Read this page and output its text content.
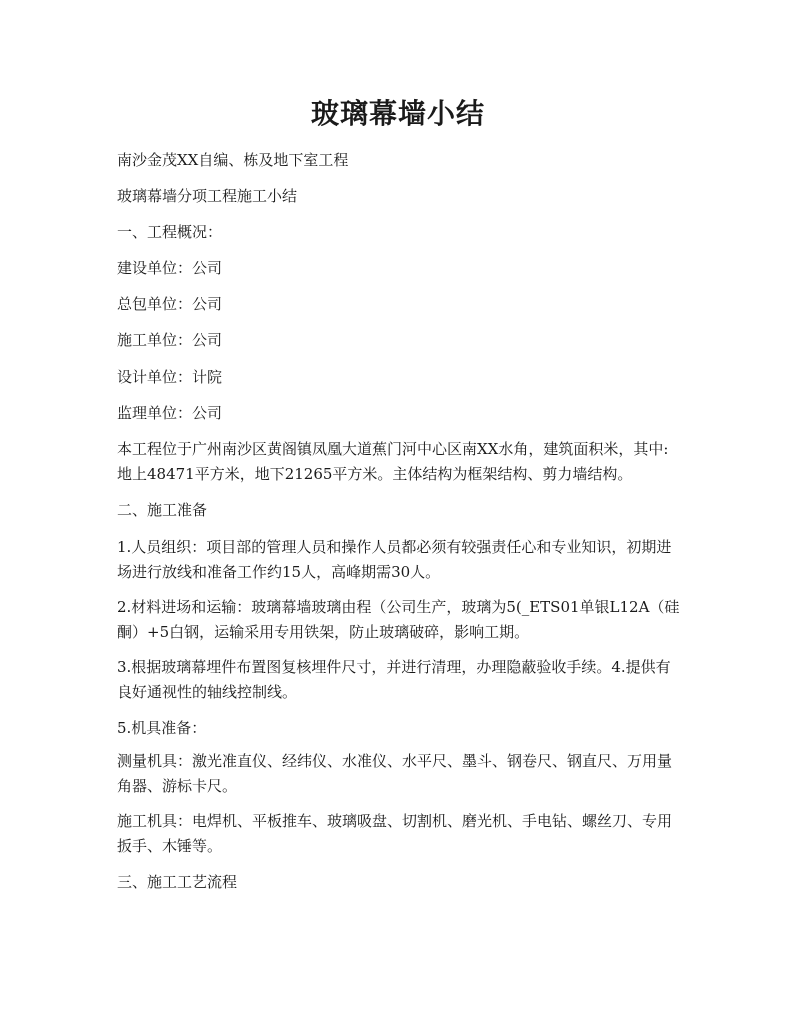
玻璃幕墙小结

南沙金茂XX自编、栋及地下室工程

玻璃幕墙分项工程施工小结

一、工程概况：

建设单位：公司

总包单位：公司

施工单位：公司

设计单位：计院

监理单位：公司

本工程位于广州南沙区黄阁镇凤凰大道蕉门河中心区南XX水角，建筑面积米，其中:地上48471平方米，地下21265平方米。主体结构为框架结构、剪力墙结构。

二、施工准备

1.人员组织：项目部的管理人员和操作人员都必须有较强责任心和专业知识，初期进场进行放线和准备工作约15人，高峰期需30人。

2.材料进场和运输：玻璃幕墙玻璃由程（公司生产，玻璃为5(_ETS01单银L12A（硅酮）+5白钢，运输采用专用铁架，防止玻璃破碎，影响工期。

3.根据玻璃幕埋件布置图复核埋件尺寸，并进行清理，办理隐蔽验收手续。4.提供有良好通视性的轴线控制线。

5.机具准备：

测量机具：激光准直仪、经纬仪、水准仪、水平尺、墨斗、钢卷尺、钢直尺、万用量角器、游标卡尺。

施工机具：电焊机、平板推车、玻璃吸盘、切割机、磨光机、手电钻、螺丝刀、专用扳手、木锤等。

三、施工工艺流程
